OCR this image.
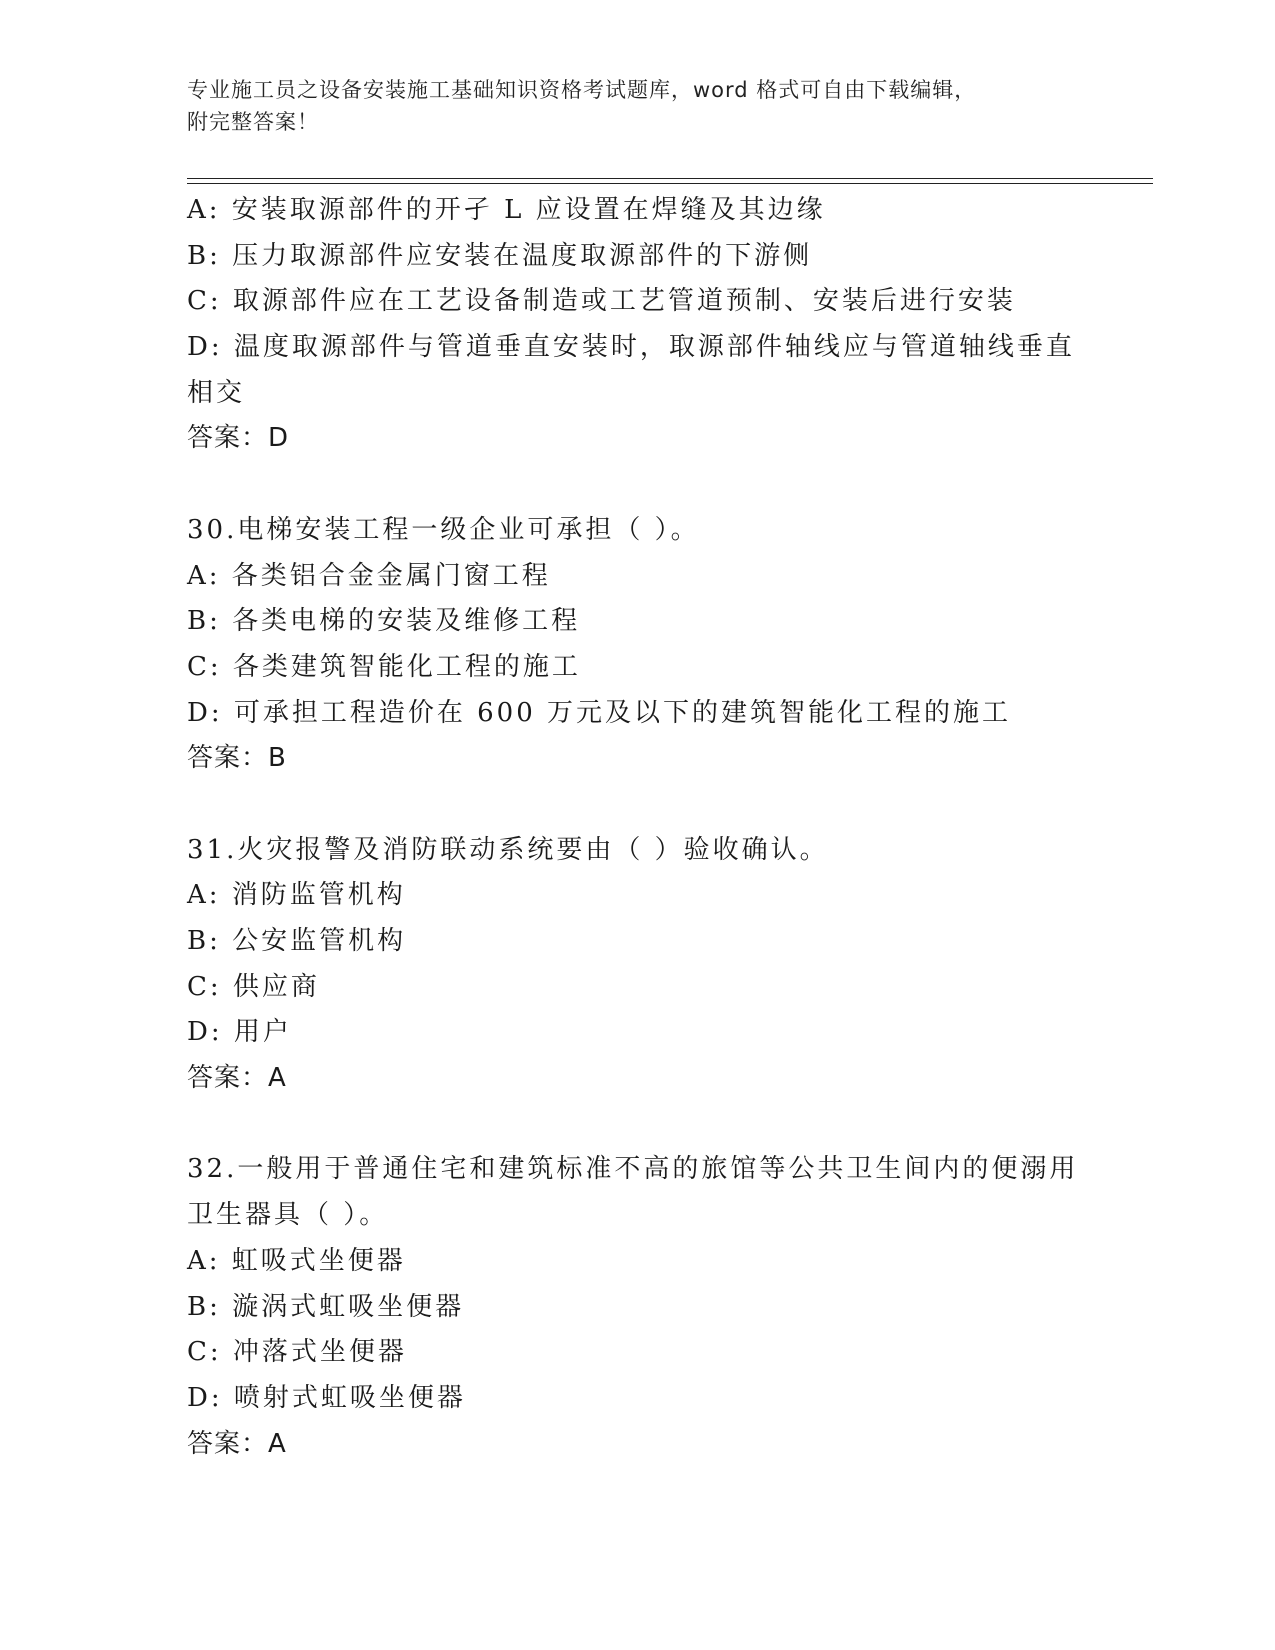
专业施工员之设备安装施工基础知识资格考试题库，word 格式可自由下载编辑，
附完整答案！
A: 安装取源部件的开孑 L 应设置在焊缝及其边缘
B: 压力取源部件应安装在温度取源部件的下游侧
C: 取源部件应在工艺设备制造或工艺管道预制、安装后进行安装
D: 温度取源部件与管道垂直安装时，取源部件轴线应与管道轴线垂直
相交
答案：D
30.电梯安装工程一级企业可承担（ ）。
A: 各类铝合金金属门窗工程
B: 各类电梯的安装及维修工程
C: 各类建筑智能化工程的施工
D: 可承担工程造价在 600 万元及以下的建筑智能化工程的施工
答案：B
31.火灾报警及消防联动系统要由（ ）验收确认。
A: 消防监管机构
B: 公安监管机构
C: 供应商
D: 用户
答案：A
32.一般用于普通住宅和建筑标准不高的旅馆等公共卫生间内的便溺用
卫生器具（ ）。
A: 虹吸式坐便器
B: 漩涡式虹吸坐便器
C: 冲落式坐便器
D: 喷射式虹吸坐便器
答案：A
